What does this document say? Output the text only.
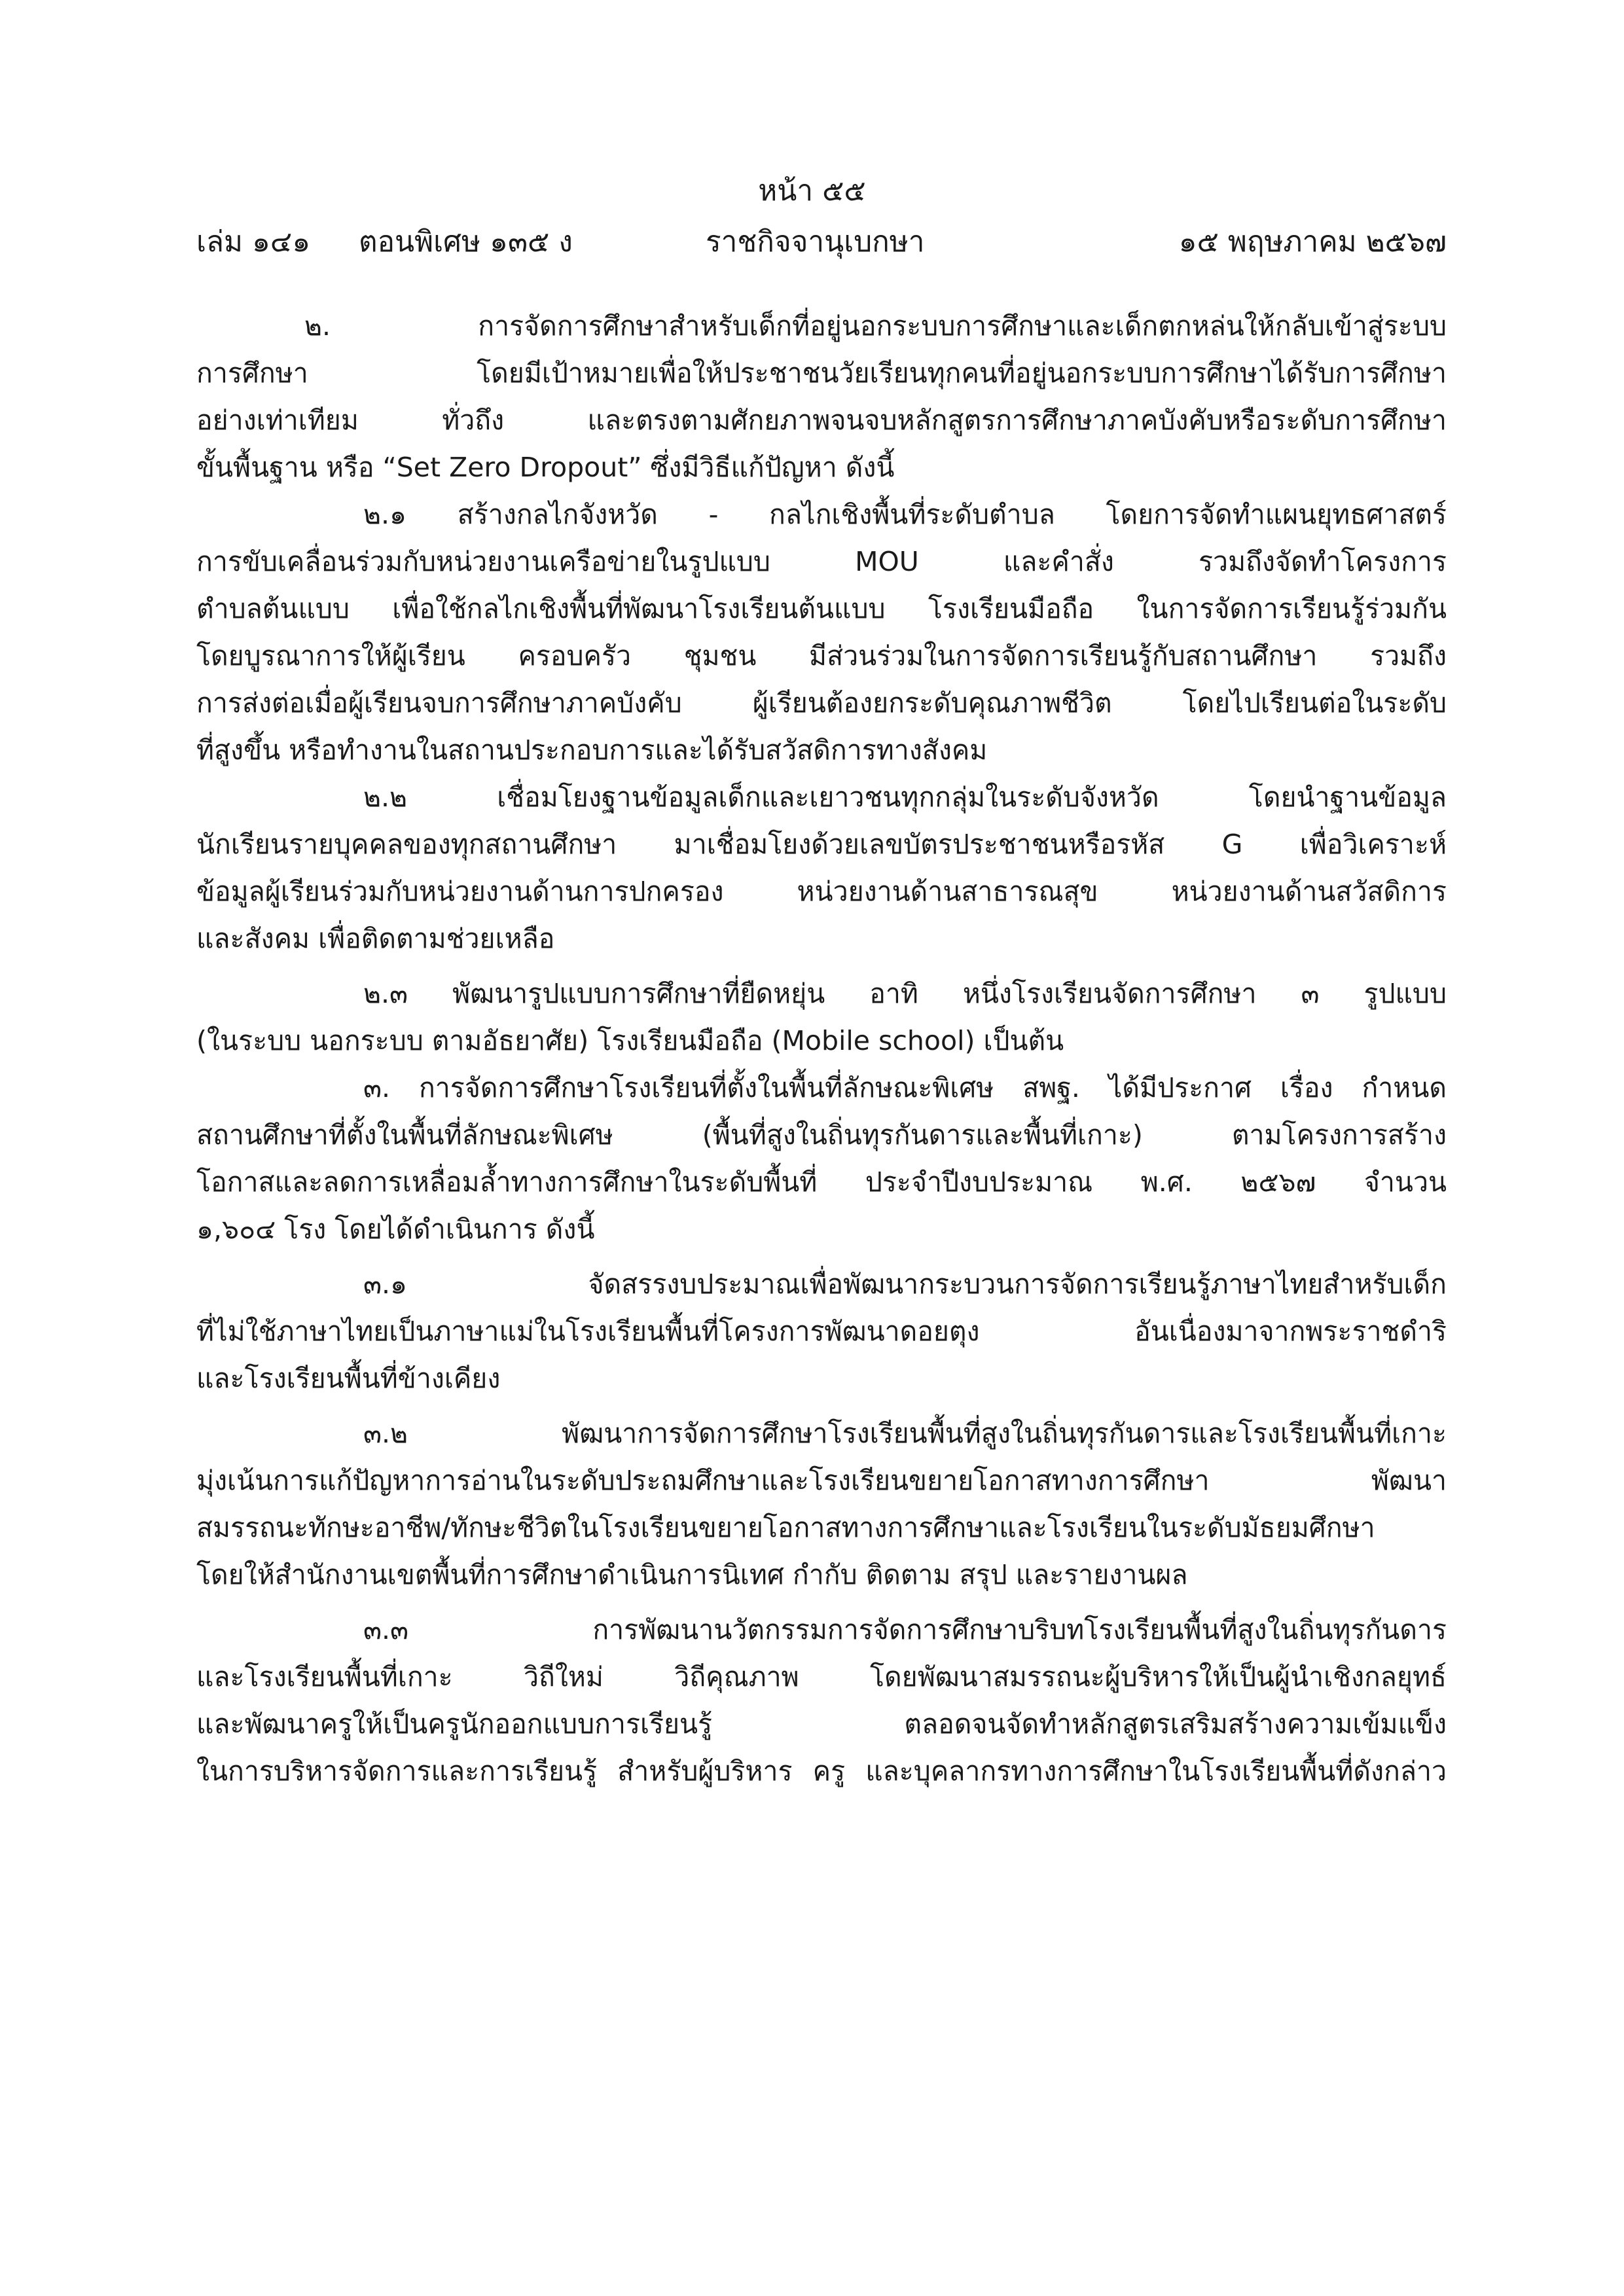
หน้า ๕๕
เล่ม ๑๔๑ ตอนพิเศษ ๑๓๕ ง	ราชกิจจานุเบกษา	๑๕ พฤษภาคม ๒๕๖๗
๒. การจัดการศึกษาสำหรับเด็กที่อยู่นอกระบบการศึกษาและเด็กตกหล่นให้กลับเข้าสู่ระบบ
การศึกษา โดยมีเป้าหมายเพื่อให้ประชาชนวัยเรียนทุกคนที่อยู่นอกระบบการศึกษาได้รับการศึกษา
อย่างเท่าเทียม ทั่วถึง และตรงตามศักยภาพจนจบหลักสูตรการศึกษาภาคบังคับหรือระดับการศึกษา
ขั้นพื้นฐาน หรือ “Set Zero Dropout” ซึ่งมีวิธีแก้ปัญหา ดังนี้
๒.๑ สร้างกลไกจังหวัด - กลไกเชิงพื้นที่ระดับตำบล โดยการจัดทำแผนยุทธศาสตร์
การขับเคลื่อนร่วมกับหน่วยงานเครือข่ายในรูปแบบ MOU และคำสั่ง รวมถึงจัดทำโครงการ
ตำบลต้นแบบ เพื่อใช้กลไกเชิงพื้นที่พัฒนาโรงเรียนต้นแบบ โรงเรียนมือถือ ในการจัดการเรียนรู้ร่วมกัน
โดยบูรณาการให้ผู้เรียน ครอบครัว ชุมชน มีส่วนร่วมในการจัดการเรียนรู้กับสถานศึกษา รวมถึง
การส่งต่อเมื่อผู้เรียนจบการศึกษาภาคบังคับ ผู้เรียนต้องยกระดับคุณภาพชีวิต โดยไปเรียนต่อในระดับ
ที่สูงขึ้น หรือทำงานในสถานประกอบการและได้รับสวัสดิการทางสังคม
๒.๒ เชื่อมโยงฐานข้อมูลเด็กและเยาวชนทุกกลุ่มในระดับจังหวัด โดยนำฐานข้อมูล
นักเรียนรายบุคคลของทุกสถานศึกษา มาเชื่อมโยงด้วยเลขบัตรประชาชนหรือรหัส G เพื่อวิเคราะห์
ข้อมูลผู้เรียนร่วมกับหน่วยงานด้านการปกครอง หน่วยงานด้านสาธารณสุข หน่วยงานด้านสวัสดิการ
และสังคม เพื่อติดตามช่วยเหลือ
๒.๓ พัฒนารูปแบบการศึกษาที่ยืดหยุ่น อาทิ หนึ่งโรงเรียนจัดการศึกษา ๓ รูปแบบ
(ในระบบ นอกระบบ ตามอัธยาศัย) โรงเรียนมือถือ (Mobile school) เป็นต้น
๓. การจัดการศึกษาโรงเรียนที่ตั้งในพื้นที่ลักษณะพิเศษ สพฐ. ได้มีประกาศ เรื่อง กำหนด
สถานศึกษาที่ตั้งในพื้นที่ลักษณะพิเศษ (พื้นที่สูงในถิ่นทุรกันดารและพื้นที่เกาะ) ตามโครงการสร้าง
โอกาสและลดการเหลื่อมล้ำทางการศึกษาในระดับพื้นที่ ประจำปีงบประมาณ พ.ศ. ๒๕๖๗ จำนวน
๑,๖๐๔ โรง โดยได้ดำเนินการ ดังนี้
๓.๑ จัดสรรงบประมาณเพื่อพัฒนากระบวนการจัดการเรียนรู้ภาษาไทยสำหรับเด็ก
ที่ไม่ใช้ภาษาไทยเป็นภาษาแม่ในโรงเรียนพื้นที่โครงการพัฒนาดอยตุง อันเนื่องมาจากพระราชดำริ
และโรงเรียนพื้นที่ข้างเคียง
๓.๒ พัฒนาการจัดการศึกษาโรงเรียนพื้นที่สูงในถิ่นทุรกันดารและโรงเรียนพื้นที่เกาะ
มุ่งเน้นการแก้ปัญหาการอ่านในระดับประถมศึกษาและโรงเรียนขยายโอกาสทางการศึกษา พัฒนา
สมรรถนะทักษะอาชีพ/ทักษะชีวิตในโรงเรียนขยายโอกาสทางการศึกษาและโรงเรียนในระดับมัธยมศึกษา
โดยให้สำนักงานเขตพื้นที่การศึกษาดำเนินการนิเทศ กำกับ ติดตาม สรุป และรายงานผล
๓.๓ การพัฒนานวัตกรรมการจัดการศึกษาบริบทโรงเรียนพื้นที่สูงในถิ่นทุรกันดาร
และโรงเรียนพื้นที่เกาะ วิถีใหม่ วิถีคุณภาพ โดยพัฒนาสมรรถนะผู้บริหารให้เป็นผู้นำเชิงกลยุทธ์
และพัฒนาครูให้เป็นครูนักออกแบบการเรียนรู้ ตลอดจนจัดทำหลักสูตรเสริมสร้างความเข้มแข็ง
ในการบริหารจัดการและการเรียนรู้ สำหรับผู้บริหาร ครู และบุคลากรทางการศึกษาในโรงเรียนพื้นที่ดังกล่าว
